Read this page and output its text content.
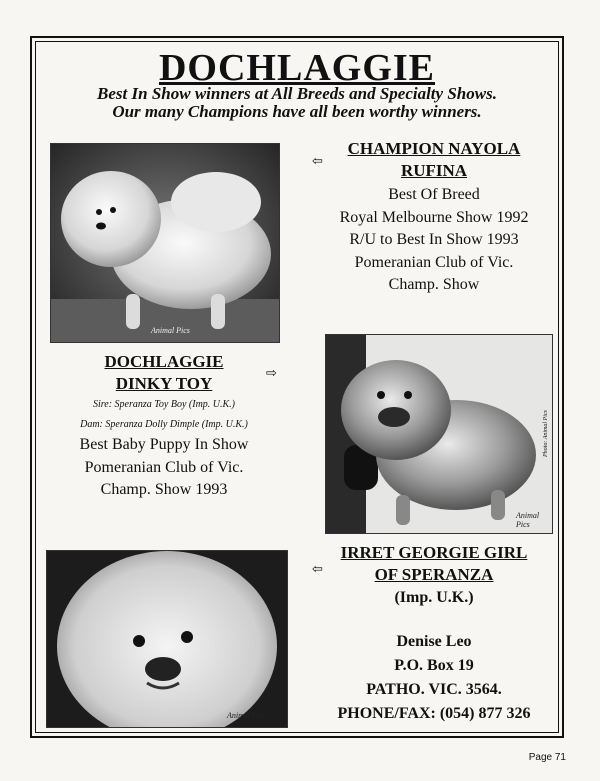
DOCHLAGGIE
Best In Show winners at All Breeds and Specialty Shows.
Our many Champions have all been worthy winners.
Animal Pics
⇦
CHAMPION NAYOLA
RUFINA
Best Of Breed
Royal Melbourne Show 1992
R/U to Best In Show 1993
Pomeranian Club of Vic.
Champ. Show
DOCHLAGGIE
DINKY TOY
Sire: Speranza Toy Boy (Imp. U.K.)
Dam: Speranza Dolly Dimple (Imp. U.K.)
Best Baby Puppy In Show
Pomeranian Club of Vic.
Champ. Show 1993
⇨
Animal Pics
Photo: Animal Pics
Animal Pics
⇦
IRRET GEORGIE GIRL
OF SPERANZA
(Imp. U.K.)
Denise Leo
P.O. Box 19
PATHO. VIC. 3564.
PHONE/FAX: (054) 877 326
Page 71
